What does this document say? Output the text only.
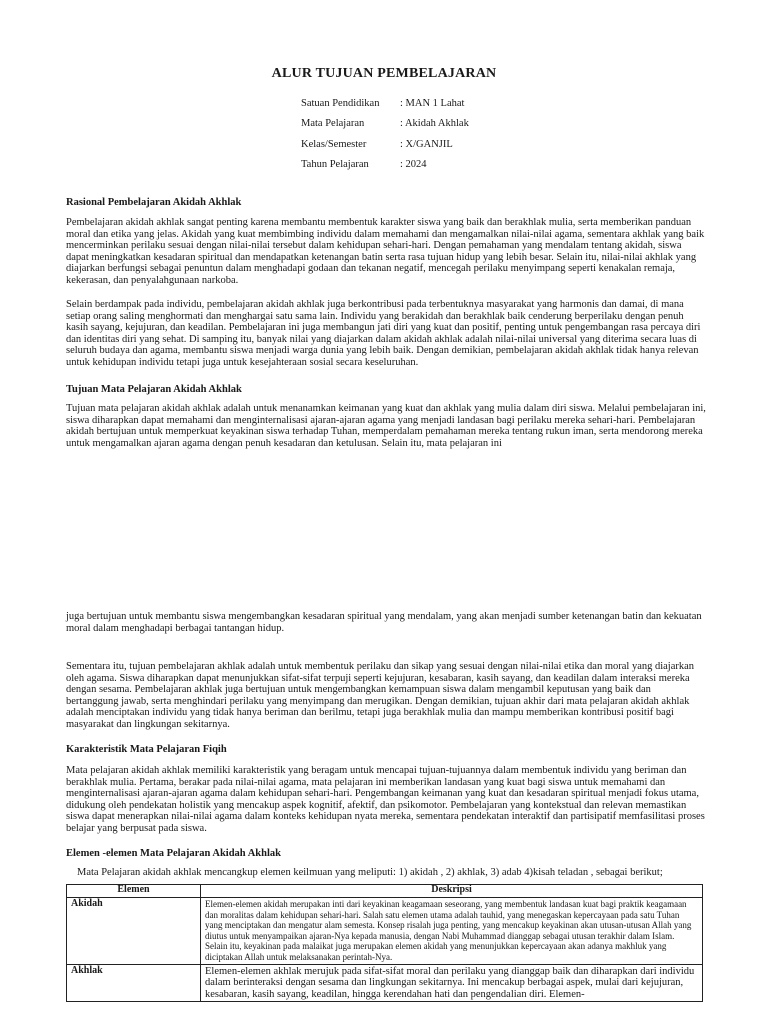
ALUR TUJUAN PEMBELAJARAN
Satuan Pendidikan : MAN 1 Lahat
Mata Pelajaran	: Akidah Akhlak
Kelas/Semester	: X/GANJIL
Tahun Pelajaran	: 2024
Rasional Pembelajaran Akidah Akhlak

Pembelajaran akidah akhlak sangat penting karena membantu membentuk karakter siswa yang baik dan berakhlak mulia, serta memberikan panduan moral dan etika yang jelas. Akidah yang kuat membimbing individu dalam memahami dan mengamalkan nilai-nilai agama, sementara akhlak yang baik mencerminkan perilaku sesuai dengan nilai-nilai tersebut dalam kehidupan sehari-hari. Dengan pemahaman yang mendalam tentang akidah, siswa dapat meningkatkan kesadaran spiritual dan mendapatkan ketenangan batin serta rasa tujuan hidup yang lebih besar. Selain itu, nilai-nilai akhlak yang diajarkan berfungsi sebagai penuntun dalam menghadapi godaan dan tekanan negatif, mencegah perilaku menyimpang seperti kenakalan remaja, kekerasan, dan penyalahgunaan narkoba.

Selain berdampak pada individu, pembelajaran akidah akhlak juga berkontribusi pada terbentuknya masyarakat yang harmonis dan damai, di mana setiap orang saling menghormati dan menghargai satu sama lain. Individu yang berakidah dan berakhlak baik cenderung berperilaku dengan penuh kasih sayang, kejujuran, dan keadilan. Pembelajaran ini juga membangun jati diri yang kuat dan positif, penting untuk pengembangan rasa percaya diri dan identitas diri yang sehat. Di samping itu, banyak nilai yang diajarkan dalam akidah akhlak adalah nilai-nilai universal yang diterima secara luas di seluruh budaya dan agama, membantu siswa menjadi warga dunia yang lebih baik. Dengan demikian, pembelajaran akidah akhlak tidak hanya relevan untuk kehidupan individu tetapi juga untuk kesejahteraan sosial secara keseluruhan.

Tujuan Mata Pelajaran Akidah Akhlak

Tujuan mata pelajaran akidah akhlak adalah untuk menanamkan keimanan yang kuat dan akhlak yang mulia dalam diri siswa. Melalui pembelajaran ini, siswa diharapkan dapat memahami dan menginternalisasi ajaran-ajaran agama yang menjadi landasan bagi perilaku mereka sehari-hari. Pembelajaran akidah bertujuan untuk memperkuat keyakinan siswa terhadap Tuhan, memperdalam pemahaman mereka tentang rukun iman, serta mendorong mereka untuk mengamalkan ajaran agama dengan penuh kesadaran dan ketulusan. Selain itu, mata pelajaran ini

juga bertujuan untuk membantu siswa mengembangkan kesadaran spiritual yang mendalam, yang akan menjadi sumber ketenangan batin dan kekuatan moral dalam menghadapi berbagai tantangan hidup.

Sementara itu, tujuan pembelajaran akhlak adalah untuk membentuk perilaku dan sikap yang sesuai dengan nilai-nilai etika dan moral yang diajarkan oleh agama. Siswa diharapkan dapat menunjukkan sifat-sifat terpuji seperti kejujuran, kesabaran, kasih sayang, dan keadilan dalam interaksi mereka dengan sesama. Pembelajaran akhlak juga bertujuan untuk mengembangkan kemampuan siswa dalam mengambil keputusan yang baik dan bertanggung jawab, serta menghindari perilaku yang menyimpang dan merugikan. Dengan demikian, tujuan akhir dari mata pelajaran akidah akhlak adalah menciptakan individu yang tidak hanya beriman dan berilmu, tetapi juga berakhlak mulia dan mampu memberikan kontribusi positif bagi masyarakat dan lingkungan sekitarnya.

Karakteristik Mata Pelajaran Fiqih

Mata pelajaran akidah akhlak memiliki karakteristik yang beragam untuk mencapai tujuan-tujuannya dalam membentuk individu yang beriman dan berakhlak mulia. Pertama, berakar pada nilai-nilai agama, mata pelajaran ini memberikan landasan yang kuat bagi siswa untuk memahami dan menginternalisasi ajaran-ajaran agama dalam kehidupan sehari-hari. Pengembangan keimanan yang kuat dan kesadaran spiritual menjadi fokus utama, didukung oleh pendekatan holistik yang mencakup aspek kognitif, afektif, dan psikomotor. Pembelajaran yang kontekstual dan relevan memastikan siswa dapat menerapkan nilai-nilai agama dalam konteks kehidupan nyata mereka, sementara pendekatan interaktif dan partisipatif memfasilitasi proses belajar yang berpusat pada siswa.

Elemen -elemen Mata Pelajaran Akidah Akhlak
Mata Pelajaran akidah akhlak mencangkup elemen keilmuan yang meliputi: 1) akidah , 2) akhlak, 3) adab 4)kisah teladan , sebagai berikut;
Elemen	Deskripsi
Akidah	Elemen-elemen akidah merupakan inti dari keyakinan keagamaan seseorang, yang membentuk landasan kuat bagi praktik keagamaan dan moralitas dalam kehidupan sehari-hari. Salah satu elemen utama adalah tauhid, yang menegaskan kepercayaan pada satu Tuhan yang menciptakan dan mengatur alam semesta. Konsep risalah juga penting, yang mencakup keyakinan akan utusan-utusan Allah yang diutus untuk menyampaikan ajaran-Nya kepada manusia, dengan Nabi Muhammad dianggap sebagai utusan terakhir dalam Islam. Selain itu, keyakinan pada malaikat juga merupakan elemen akidah yang menunjukkan kepercayaan akan adanya makhluk yang diciptakan Allah untuk melaksanakan perintah-Nya.
Akhlak	Elemen-elemen akhlak merujuk pada sifat-sifat moral dan perilaku yang dianggap baik dan diharapkan dari individu dalam berinteraksi dengan sesama dan lingkungan sekitarnya. Ini mencakup berbagai aspek, mulai dari kejujuran, kesabaran, kasih sayang, keadilan, hingga kerendahan hati dan pengendalian diri. Elemen-
